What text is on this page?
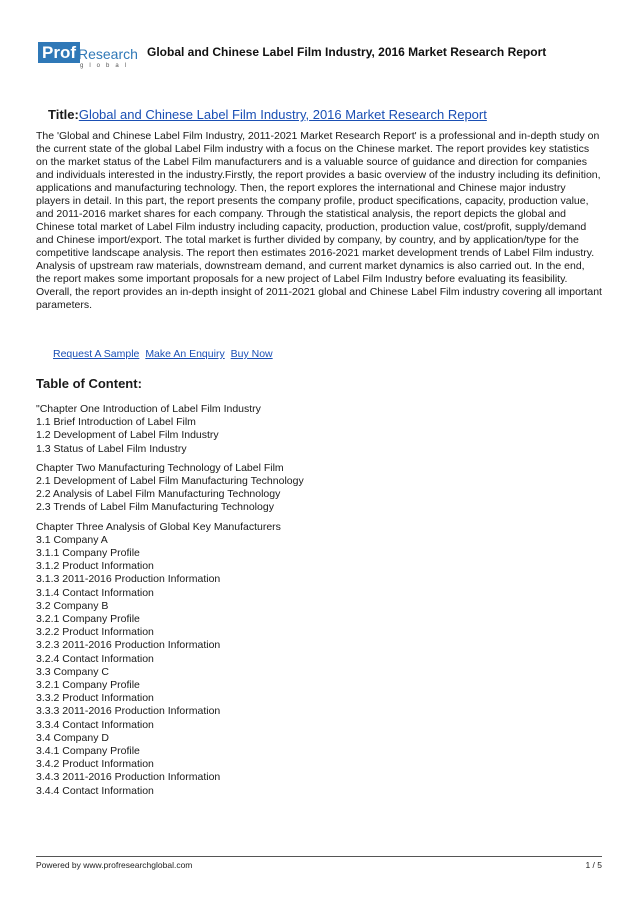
Prof Research
global
Global and Chinese Label Film Industry, 2016 Market Research Report
Title:Global and Chinese Label Film Industry, 2016 Market Research Report

The 'Global and Chinese Label Film Industry, 2011-2021 Market Research Report' is a professional and in-depth study on the current state of the global Label Film industry with a focus on the Chinese market. The report provides key statistics on the market status of the Label Film manufacturers and is a valuable source of guidance and direction for companies and individuals interested in the industry.Firstly, the report provides a basic overview of the industry including its definition, applications and manufacturing technology. Then, the report explores the international and Chinese major industry players in detail. In this part, the report presents the company profile, product specifications, capacity, production value, and 2011-2016 market shares for each company. Through the statistical analysis, the report depicts the global and Chinese total market of Label Film industry including capacity, production, production value, cost/profit, supply/demand and Chinese import/export. The total market is further divided by company, by country, and by application/type for the competitive landscape analysis. The report then estimates 2016-2021 market development trends of Label Film industry. Analysis of upstream raw materials, downstream demand, and current market dynamics is also carried out. In the end, the report makes some important proposals for a new project of Label Film Industry before evaluating its feasibility. Overall, the report provides an in-depth insight of 2011-2021 global and Chinese Label Film industry covering all important parameters.

Request A Sample Make An Enquiry Buy Now
Table of Content:
"Chapter One Introduction of Label Film Industry
1.1 Brief Introduction of Label Film
1.2 Development of Label Film Industry
1.3 Status of Label Film Industry
Chapter Two Manufacturing Technology of Label Film
2.1 Development of Label Film Manufacturing Technology
2.2 Analysis of Label Film Manufacturing Technology
2.3 Trends of Label Film Manufacturing Technology
Chapter Three Analysis of Global Key Manufacturers
3.1 Company A
3.1.1 Company Profile
3.1.2 Product Information
3.1.3 2011-2016 Production Information
3.1.4 Contact Information
3.2 Company B
3.2.1 Company Profile
3.2.2 Product Information
3.2.3 2011-2016 Production Information
3.2.4 Contact Information
3.3 Company C
3.2.1 Company Profile
3.3.2 Product Information
3.3.3 2011-2016 Production Information
3.3.4 Contact Information
3.4 Company D
3.4.1 Company Profile
3.4.2 Product Information
3.4.3 2011-2016 Production Information
3.4.4 Contact Information
Powered by www.profresearchglobal.com	1 / 5
